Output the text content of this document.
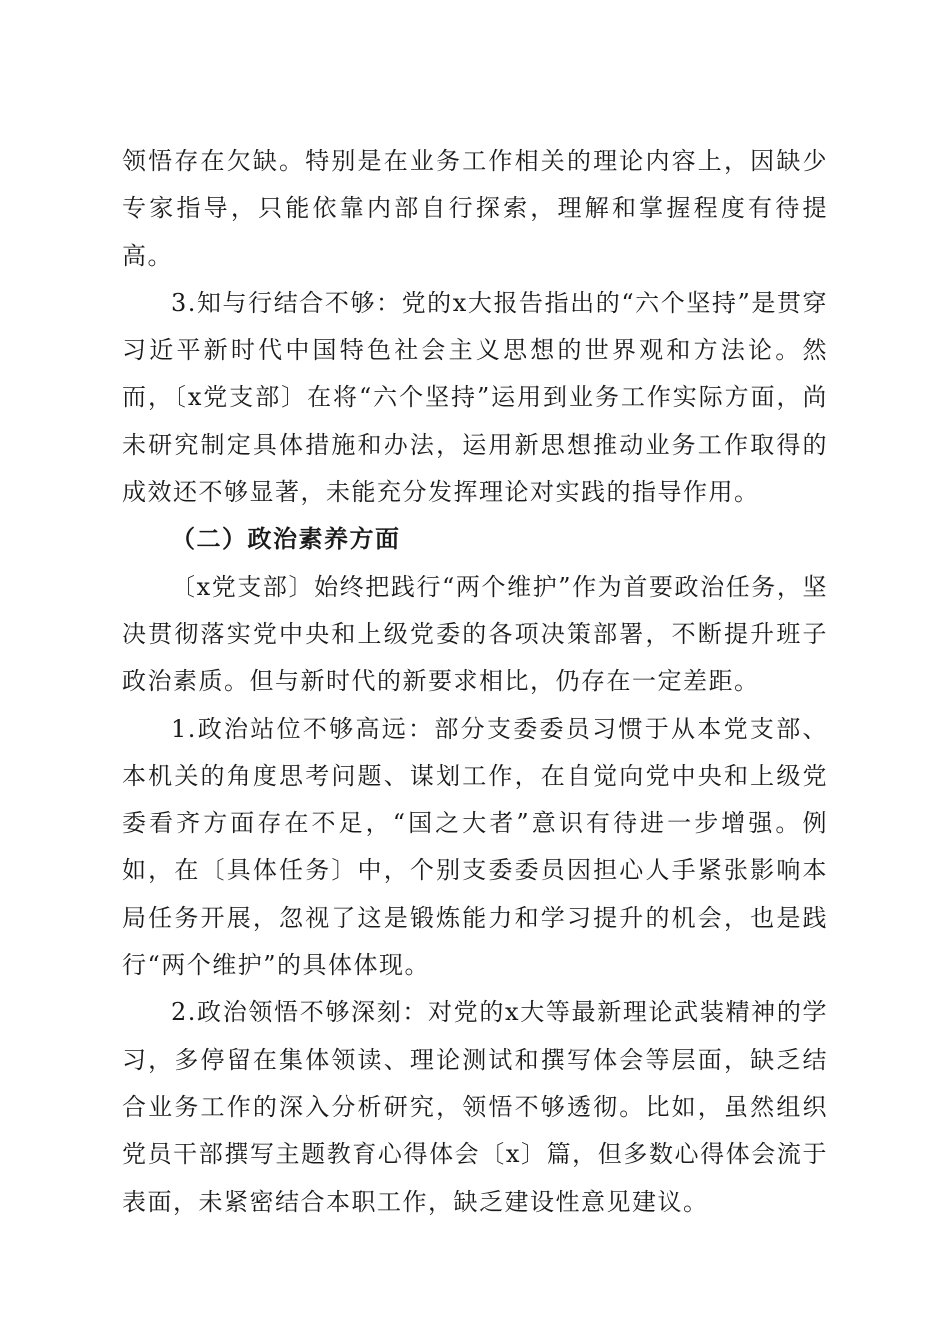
领悟存在欠缺。特别是在业务工作相关的理论内容上，因缺少专家指导，只能依靠内部自行探索，理解和掌握程度有待提高。

3.知与行结合不够：党的x大报告指出的“六个坚持”是贯穿习近平新时代中国特色社会主义思想的世界观和方法论。然而，〔x党支部〕在将“六个坚持”运用到业务工作实际方面，尚未研究制定具体措施和办法，运用新思想推动业务工作取得的成效还不够显著，未能充分发挥理论对实践的指导作用。

（二）政治素养方面

〔x党支部〕始终把践行“两个维护”作为首要政治任务，坚决贯彻落实党中央和上级党委的各项决策部署，不断提升班子政治素质。但与新时代的新要求相比，仍存在一定差距。

1.政治站位不够高远：部分支委委员习惯于从本党支部、本机关的角度思考问题、谋划工作，在自觉向党中央和上级党委看齐方面存在不足，“国之大者”意识有待进一步增强。例如，在〔具体任务〕中，个别支委委员因担心人手紧张影响本局任务开展，忽视了这是锻炼能力和学习提升的机会，也是践行“两个维护”的具体体现。

2.政治领悟不够深刻：对党的x大等最新理论武装精神的学习，多停留在集体领读、理论测试和撰写体会等层面，缺乏结合业务工作的深入分析研究，领悟不够透彻。比如，虽然组织党员干部撰写主题教育心得体会〔x〕篇，但多数心得体会流于表面，未紧密结合本职工作，缺乏建设性意见建议。
